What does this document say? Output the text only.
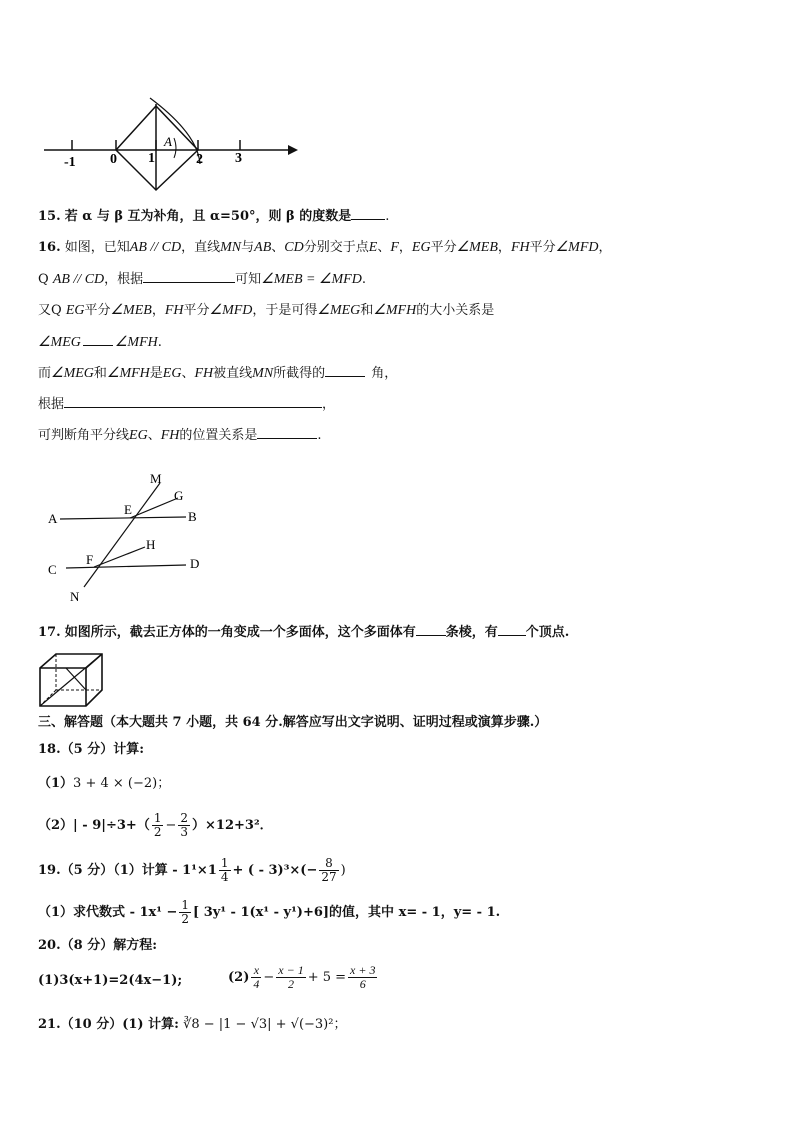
-1 0 1	2 3
A
15. 若 α 与 β 互为补角，且 α=50°，则 β 的度数是	.
16. 如图，已知AB // CD，直线MN与AB、CD分别交于点E、F，EG平分∠MEB，FH平分∠MFD，
Q AB // CD，根据	可知∠MEB = ∠MFD.
又Q EG平分∠MEB，FH平分∠MFD，于是可得∠MEG和∠MFH的大小关系是
∠MEG ∠MFH.
而∠MEG和∠MFH是EG、FH被直线MN所截得的	角，
根据	，
可判断角平分线EG、FH的位置关系是	.
M
G
E
A	B
F
H
C	D
N
17. 如图所示，截去正方体的一角变成一个多面体，这个多面体有 条棱，有 个顶点.
三、解答题（本大题共 7 小题，共 64 分.解答应写出文字说明、证明过程或演算步骤.）
18.（5 分）计算:
（1）3 + 4 × (−2)；
$(2)| - 9|\div 3+( \frac{1}{2} - \frac{2}{3} )\times 12+3^2$．
19.（5 分）（1）计算 - $1^1\times 1 \frac{1}{4}$ + ( - $3)^3\times(- \frac{8}{27}$ )
（1）求代数式 - $1x^1 - \frac{1}{2}$ [ 3y¹ - 1(x¹ - y¹)+6]的值，其中 x= - 1，y= - 1.
20.（8 分）解方程:
(1)3(x+1)=2(4x−1);	$(2) \frac{x}{4} - \frac{x - 1}{2} + 5 = \frac{x + 3}{6}$
21.（10 分）(1) 计算: ∛8 − |1 − √3| + √(−3)²；
